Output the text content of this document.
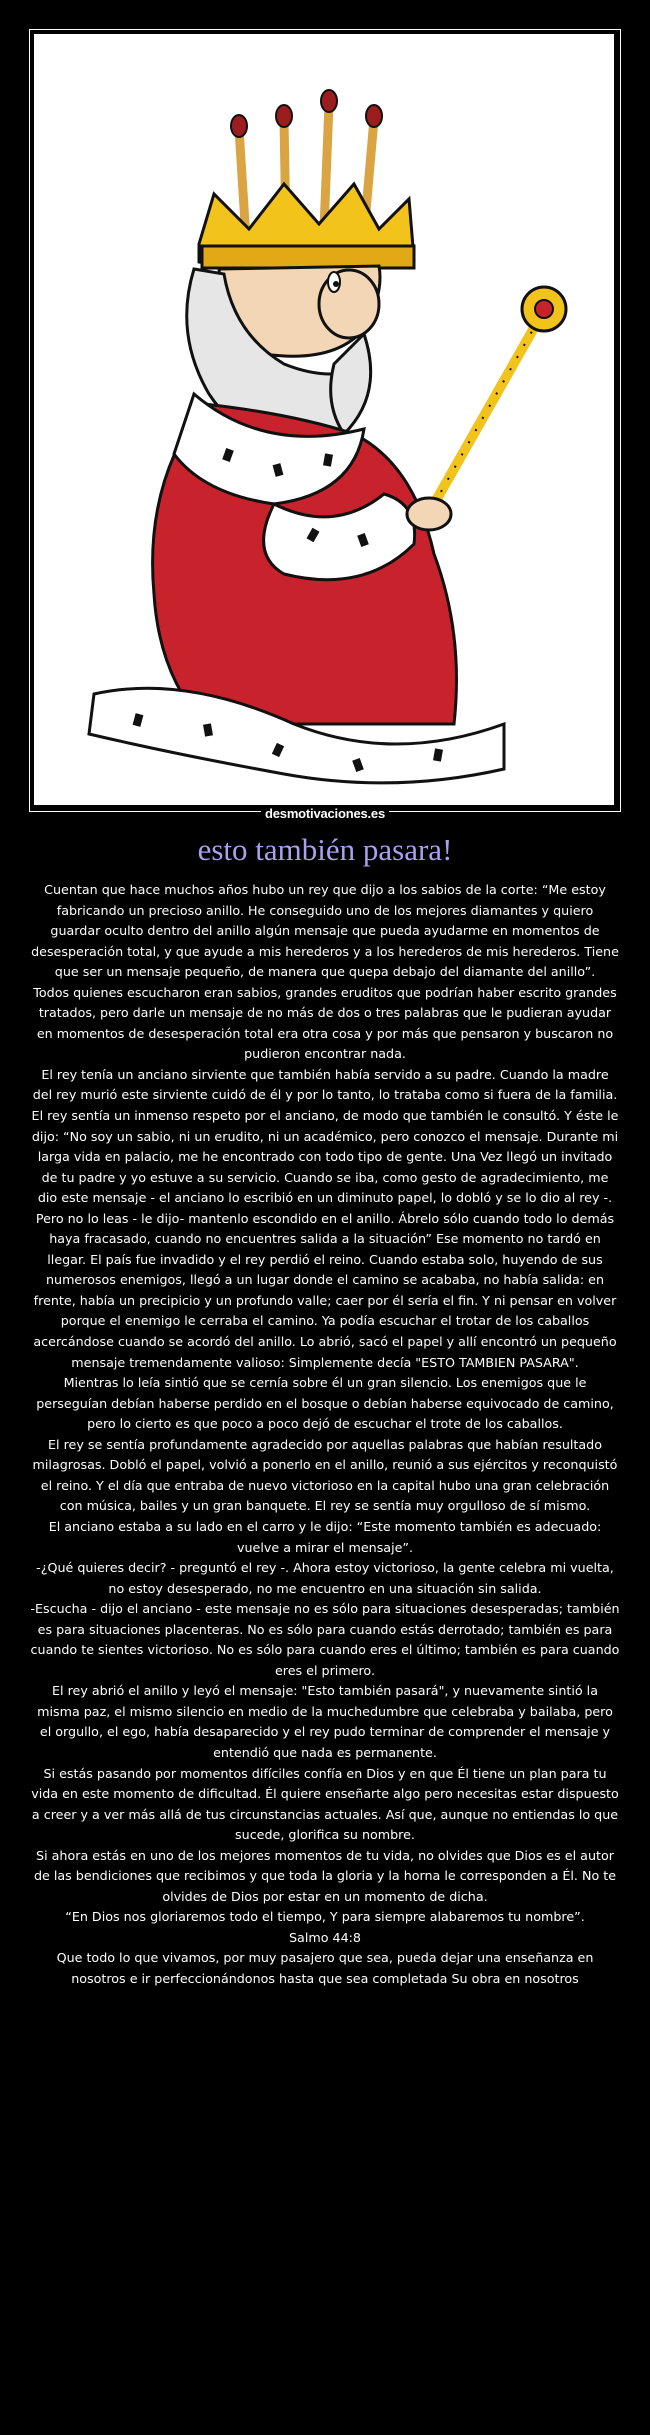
desmotivaciones.es
esto también pasara!

Cuentan que hace muchos años hubo un rey que dijo a los sabios de la corte: “Me estoy fabricando un precioso anillo. He conseguido uno de los mejores diamantes y quiero guardar oculto dentro del anillo algún mensaje que pueda ayudarme en momentos de desesperación total, y que ayude a mis herederos y a los herederos de mis herederos. Tiene que ser un mensaje pequeño, de manera que quepa debajo del diamante del anillo”.

Todos quienes escucharon eran sabios, grandes eruditos que podrían haber escrito grandes tratados, pero darle un mensaje de no más de dos o tres palabras que le pudieran ayudar en momentos de desesperación total era otra cosa y por más que pensaron y buscaron no pudieron encontrar nada.

El rey tenía un anciano sirviente que también había servido a su padre. Cuando la madre del rey murió este sirviente cuidó de él y por lo tanto, lo trataba como si fuera de la familia. El rey sentía un inmenso respeto por el anciano, de modo que también le consultó. Y éste le dijo: “No soy un sabio, ni un erudito, ni un académico, pero conozco el mensaje. Durante mi larga vida en palacio, me he encontrado con todo tipo de gente. Una Vez llegó un invitado de tu padre y yo estuve a su servicio. Cuando se iba, como gesto de agradecimiento, me dio este mensaje - el anciano lo escribió en un diminuto papel, lo dobló y se lo dio al rey -. Pero no lo leas - le dijo- mantenlo escondido en el anillo. Ábrelo sólo cuando todo lo demás haya fracasado, cuando no encuentres salida a la situación” Ese momento no tardó en llegar. El país fue invadido y el rey perdió el reino. Cuando estaba solo, huyendo de sus numerosos enemigos, llegó a un lugar donde el camino se acababa, no había salida: en frente, había un precipicio y un profundo valle; caer por él sería el fin. Y ni pensar en volver porque el enemigo le cerraba el camino. Ya podía escuchar el trotar de los caballos acercándose cuando se acordó del anillo. Lo abrió, sacó el papel y allí encontró un pequeño mensaje tremendamente valioso: Simplemente decía "ESTO TAMBIEN PASARA".

Mientras lo leía sintió que se cernía sobre él un gran silencio. Los enemigos que le perseguían debían haberse perdido en el bosque o debían haberse equivocado de camino, pero lo cierto es que poco a poco dejó de escuchar el trote de los caballos.

El rey se sentía profundamente agradecido por aquellas palabras que habían resultado milagrosas. Dobló el papel, volvió a ponerlo en el anillo, reunió a sus ejércitos y reconquistó el reino. Y el día que entraba de nuevo victorioso en la capital hubo una gran celebración con música, bailes y un gran banquete. El rey se sentía muy orgulloso de sí mismo.

El anciano estaba a su lado en el carro y le dijo: “Este momento también es adecuado: vuelve a mirar el mensaje”.

-¿Qué quieres decir? - preguntó el rey -. Ahora estoy victorioso, la gente celebra mi vuelta, no estoy desesperado, no me encuentro en una situación sin salida.

-Escucha - dijo el anciano - este mensaje no es sólo para situaciones desesperadas; también es para situaciones placenteras. No es sólo para cuando estás derrotado; también es para cuando te sientes victorioso. No es sólo para cuando eres el último; también es para cuando eres el primero.

El rey abrió el anillo y leyó el mensaje: "Esto también pasará", y nuevamente sintió la misma paz, el mismo silencio en medio de la muchedumbre que celebraba y bailaba, pero el orgullo, el ego, había desaparecido y el rey pudo terminar de comprender el mensaje y entendió que nada es permanente.

Si estás pasando por momentos difíciles confía en Dios y en que Él tiene un plan para tu vida en este momento de dificultad. Él quiere enseñarte algo pero necesitas estar dispuesto a creer y a ver más allá de tus circunstancias actuales. Así que, aunque no entiendas lo que sucede, glorifica su nombre.

Si ahora estás en uno de los mejores momentos de tu vida, no olvides que Dios es el autor de las bendiciones que recibimos y que toda la gloria y la horna le corresponden a Él. No te olvides de Dios por estar en un momento de dicha.

“En Dios nos gloriaremos todo el tiempo, Y para siempre alabaremos tu nombre”.

Salmo 44:8

Que todo lo que vivamos, por muy pasajero que sea, pueda dejar una enseñanza en nosotros e ir perfeccionándonos hasta que sea completada Su obra en nosotros
